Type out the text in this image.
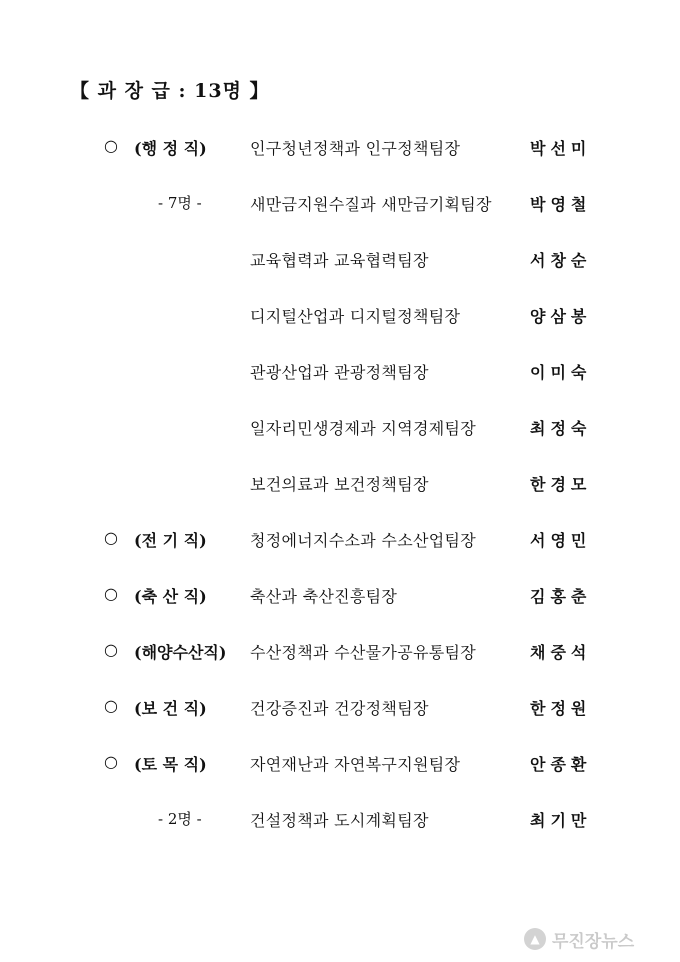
【 과 장 급 : 13명 】
○ (행 정 직)	인구청년정책과 인구정책팀장	박선미
- 7명 -	새만금지원수질과 새만금기획팀장 박영철
교육협력과 교육협력팀장	서창순
디지털산업과 디지털정책팀장	양삼봉
관광산업과 관광정책팀장	이미숙
일자리민생경제과 지역경제팀장	최정숙
보건의료과 보건정책팀장	한경모
○ (전 기 직)	청정에너지수소과 수소산업팀장	서영민
○ (축 산 직)	축산과 축산진흥팀장	김홍춘
○ (해양수산직) 수산정책과 수산물가공유통팀장	채중석
○ (보 건 직)	건강증진과 건강정책팀장	한정원
○ (토 목 직)	자연재난과 자연복구지원팀장	안종환
- 2명 -	건설정책과 도시계획팀장	최기만
▲ 무진장뉴스
